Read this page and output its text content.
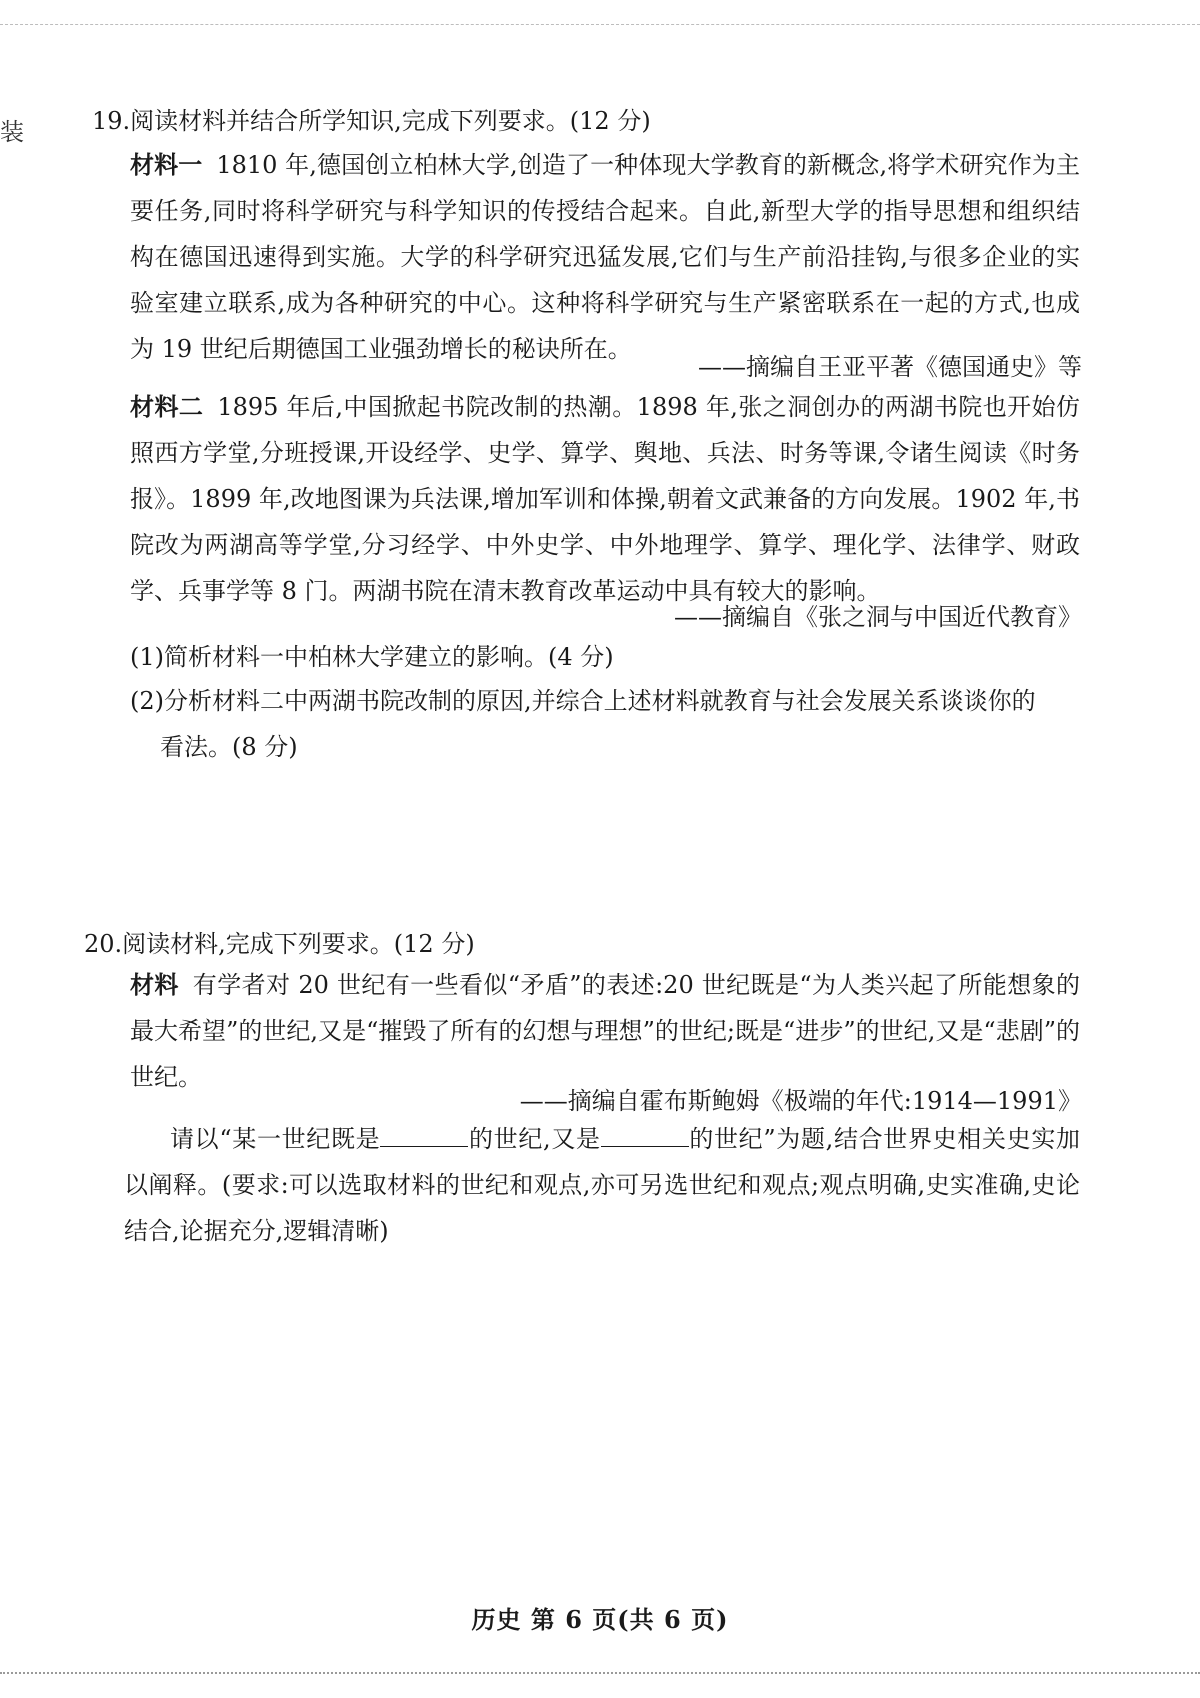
装	19.阅读材料并结合所学知识,完成下列要求。(12 分)
材料一 1810 年,德国创立柏林大学,创造了一种体现大学教育的新概念,将学术研究作为主要任务,同时将科学研究与科学知识的传授结合起来。自此,新型大学的指导思想和组织结构在德国迅速得到实施。大学的科学研究迅猛发展,它们与生产前沿挂钩,与很多企业的实验室建立联系,成为各种研究的中心。这种将科学研究与生产紧密联系在一起的方式,也成为 19 世纪后期德国工业强劲增长的秘诀所在。
——摘编自王亚平著《德国通史》等
材料二 1895 年后,中国掀起书院改制的热潮。1898 年,张之洞创办的两湖书院也开始仿照西方学堂,分班授课,开设经学、史学、算学、舆地、兵法、时务等课,令诸生阅读《时务报》。1899 年,改地图课为兵法课,增加军训和体操,朝着文武兼备的方向发展。1902 年,书院改为两湖高等学堂,分习经学、中外史学、中外地理学、算学、理化学、法律学、财政学、兵事学等 8 门。两湖书院在清末教育改革运动中具有较大的影响。
——摘编自《张之洞与中国近代教育》
(1)简析材料一中柏林大学建立的影响。(4 分)
(2)分析材料二中两湖书院改制的原因,并综合上述材料就教育与社会发展关系谈谈你的
看法。(8 分)
20.阅读材料,完成下列要求。(12 分)
材料 有学者对 20 世纪有一些看似“矛盾”的表述:20 世纪既是“为人类兴起了所能想象的最大希望”的世纪,又是“摧毁了所有的幻想与理想”的世纪;既是“进步”的世纪,又是“悲剧”的世纪。
——摘编自霍布斯鲍姆《极端的年代:1914—1991》
请以“某一世纪既是	的世纪,又是	的世纪”为题,结合世界史相关史实加以阐释。(要求:可以选取材料的世纪和观点,亦可另选世纪和观点;观点明确,史实准确,史论结合,论据充分,逻辑清晰)
历史 第 6 页(共 6 页)
